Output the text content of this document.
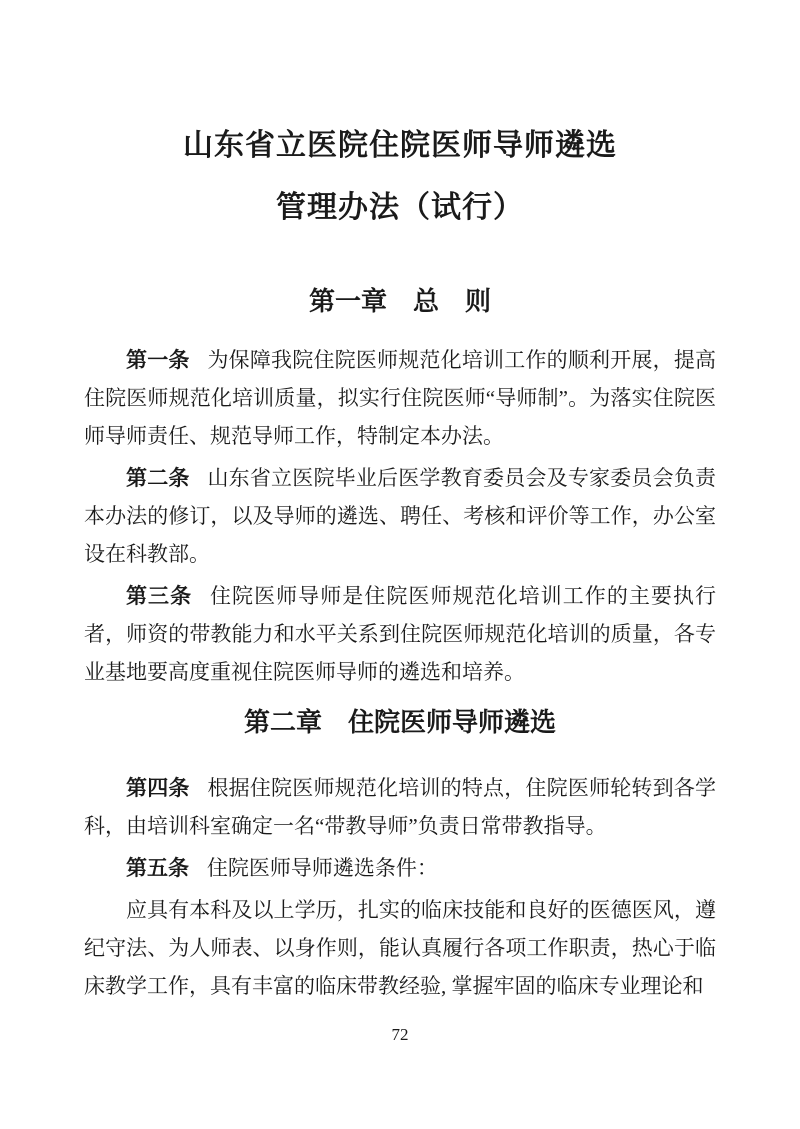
山东省立医院住院医师导师遴选
管理办法（试行）
第一章　总　则

第一条 为保障我院住院医师规范化培训工作的顺利开展，提高住院医师规范化培训质量，拟实行住院医师“导师制”。为落实住院医师导师责任、规范导师工作，特制定本办法。

第二条 山东省立医院毕业后医学教育委员会及专家委员会负责本办法的修订，以及导师的遴选、聘任、考核和评价等工作，办公室设在科教部。

第三条 住院医师导师是住院医师规范化培训工作的主要执行者，师资的带教能力和水平关系到住院医师规范化培训的质量，各专业基地要高度重视住院医师导师的遴选和培养。

第二章　住院医师导师遴选

第四条 根据住院医师规范化培训的特点，住院医师轮转到各学科，由培训科室确定一名“带教导师”负责日常带教指导。

第五条 住院医师导师遴选条件：

应具有本科及以上学历，扎实的临床技能和良好的医德医风，遵纪守法、为人师表、以身作则，能认真履行各项工作职责，热心于临床教学工作，具有丰富的临床带教经验, 掌握牢固的临床专业理论和

72
